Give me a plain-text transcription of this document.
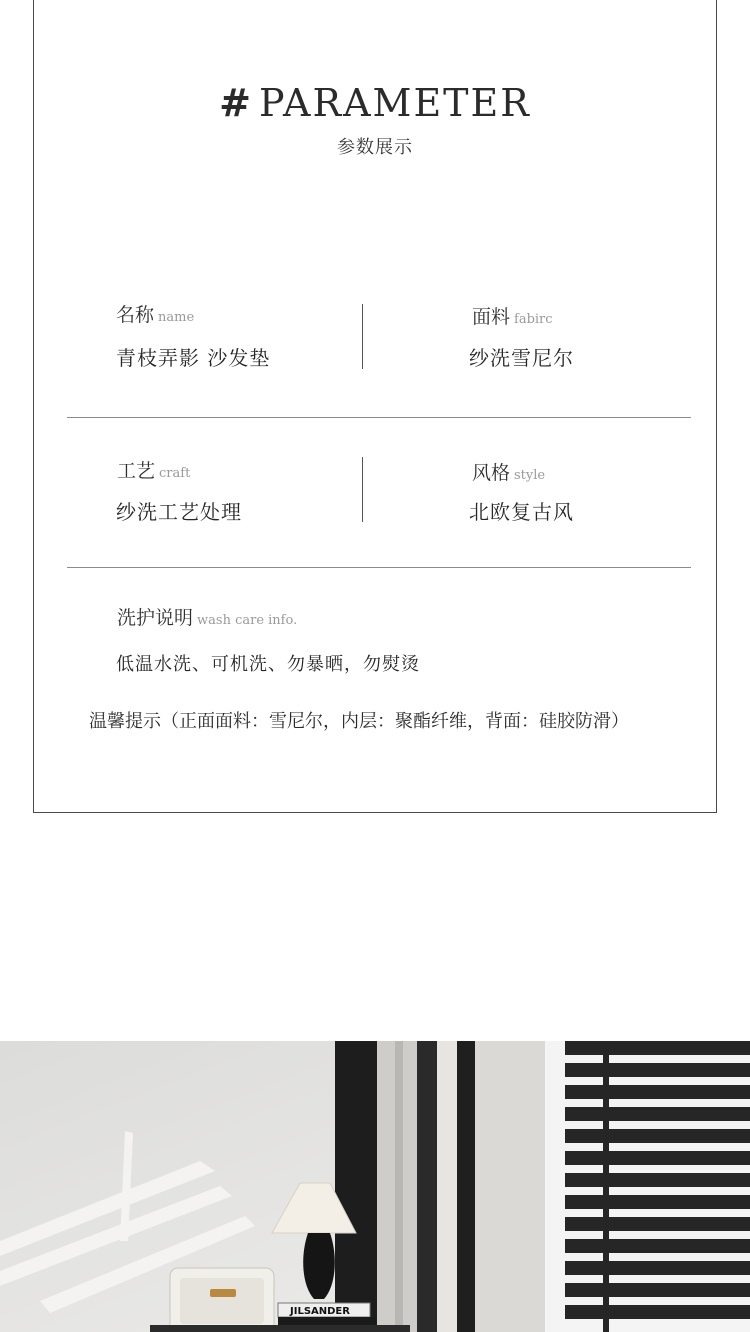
# PARAMETER
参数展示
名称 name
青枝弄影 沙发垫
面料 fabirc
纱洗雪尼尔
工艺 craft
纱洗工艺处理
风格 style
北欧复古风
洗护说明 wash care info.
低温水洗、可机洗、勿暴晒，勿熨烫
温馨提示（正面面料：雪尼尔，内层：聚酯纤维，背面：硅胶防滑）
JILSANDER
